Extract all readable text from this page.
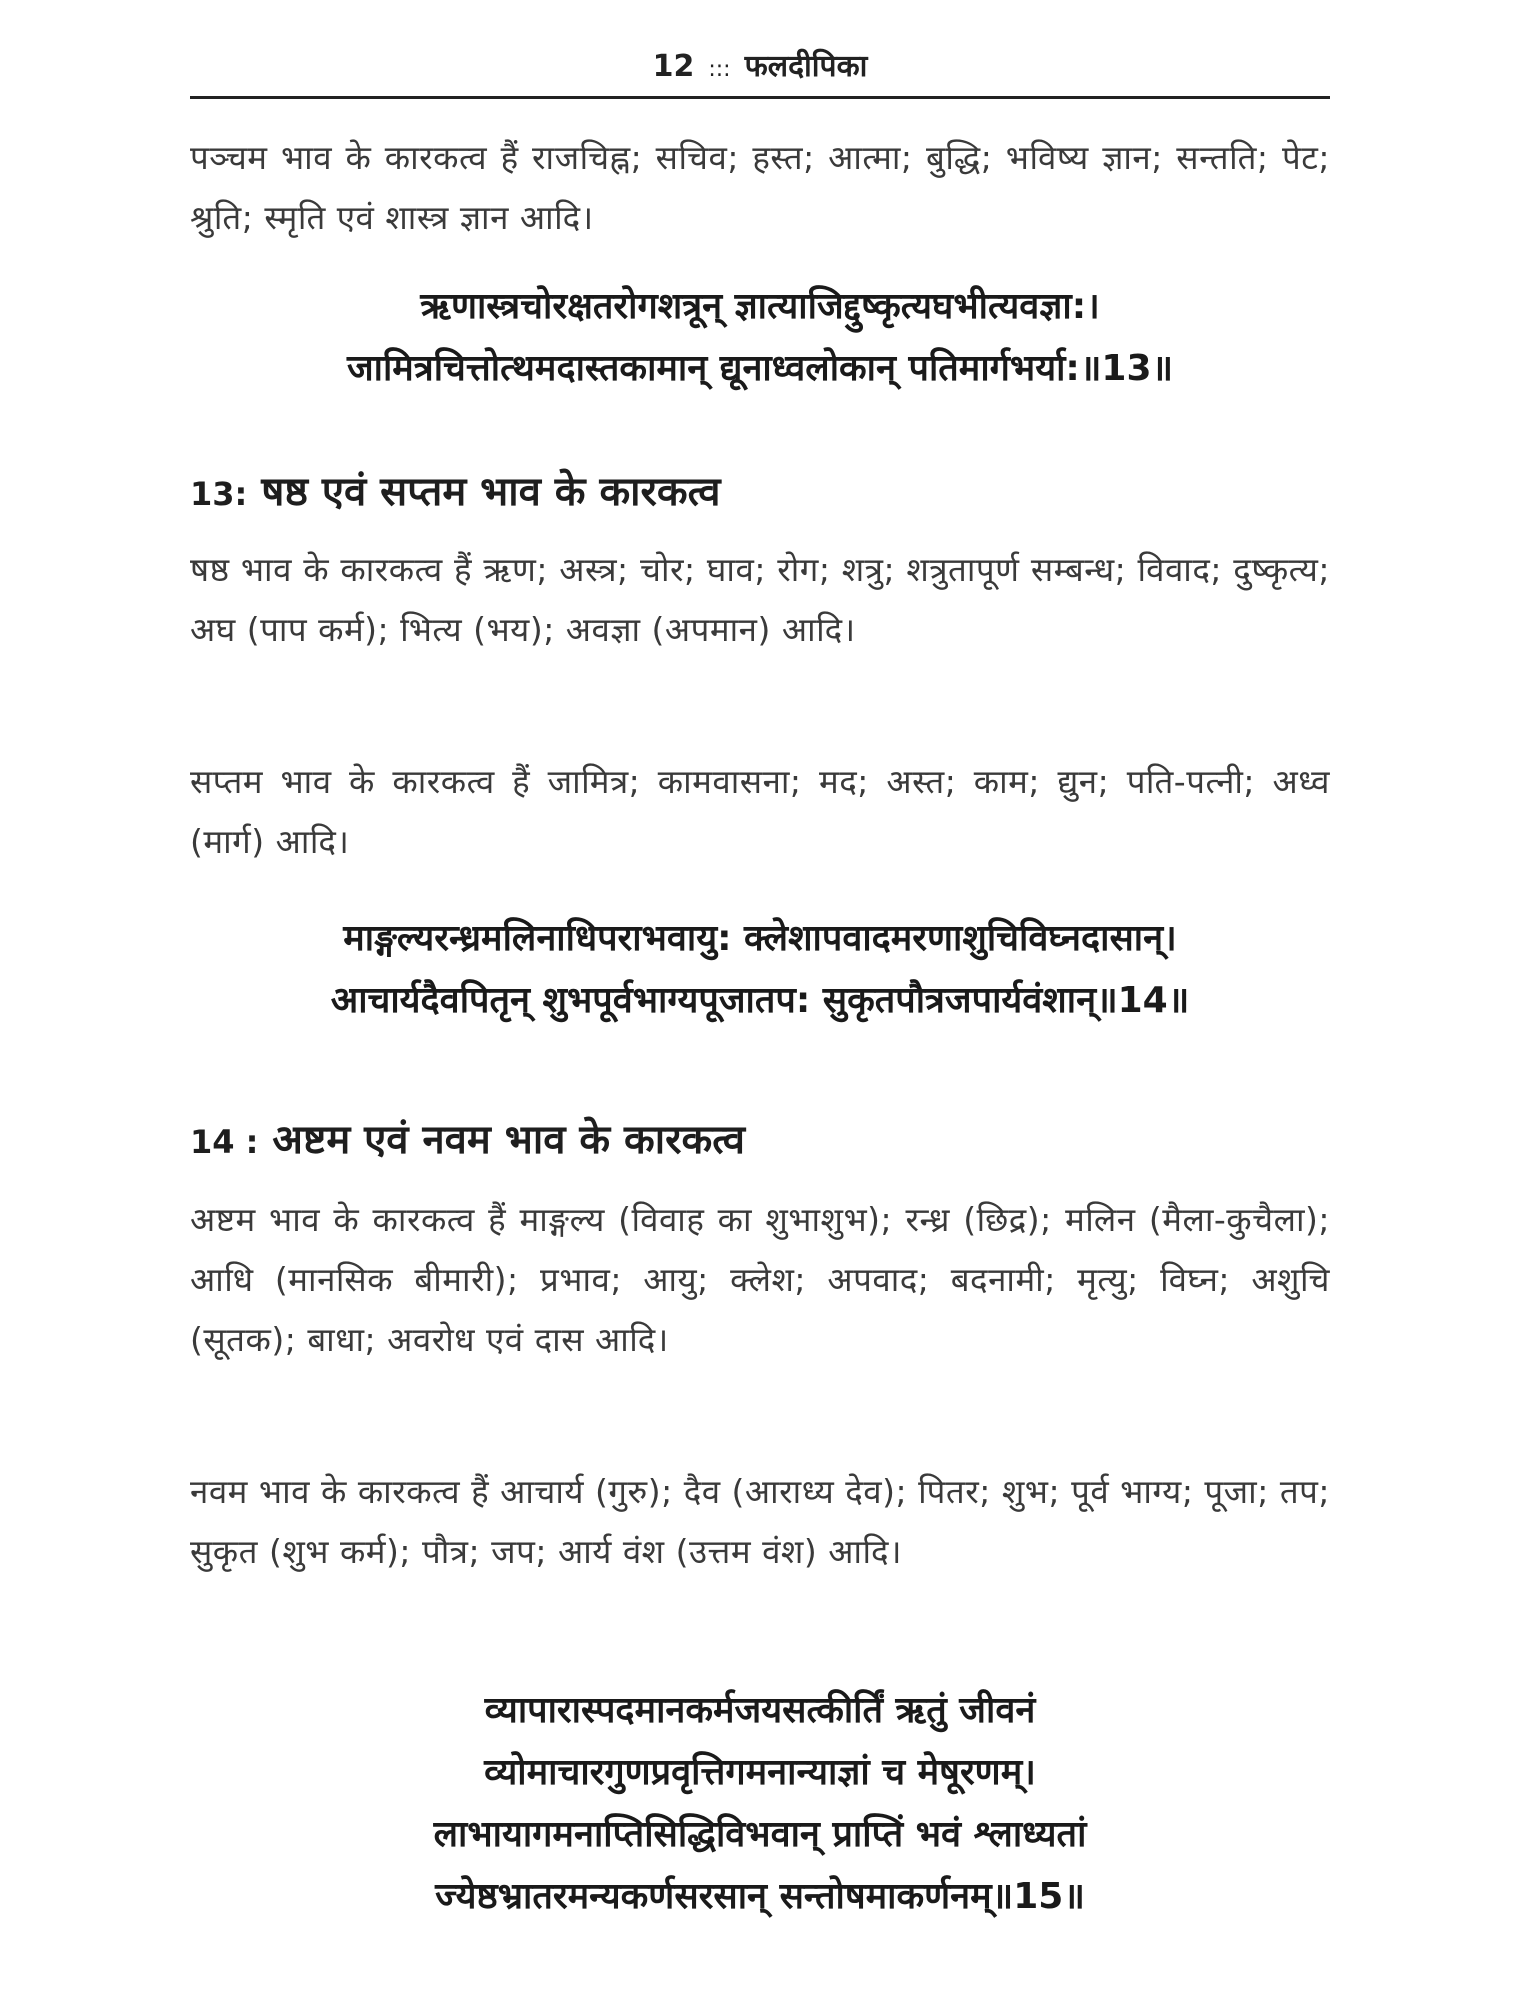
12 ::: फलदीपिका
पञ्चम भाव के कारकत्व हैं राजचिह्न; सचिव; हस्त; आत्मा; बुद्धि; भविष्य ज्ञान; सन्तति; पेट; श्रुति; स्मृति एवं शास्त्र ज्ञान आदि।
ऋणास्त्रचोरक्षतरोगशत्रून् ज्ञात्याजिद्दुष्कृत्यघभीत्यवज्ञा:।
जामित्रचित्तोत्थमदास्तकामान् द्यूनाध्वलोकान् पतिमार्गभर्या:॥13॥
13: षष्ठ एवं सप्तम भाव के कारकत्व
षष्ठ भाव के कारकत्व हैं ऋण; अस्त्र; चोर; घाव; रोग; शत्रु; शत्रुतापूर्ण सम्बन्ध; विवाद; दुष्कृत्य; अघ (पाप कर्म); भित्य (भय); अवज्ञा (अपमान) आदि।
सप्तम भाव के कारकत्व हैं जामित्र; कामवासना; मद; अस्त; काम; द्युन; पति-पत्नी; अध्व (मार्ग) आदि।
माङ्गल्यरन्ध्रमलिनाधिपराभवायु: क्लेशापवादमरणाशुचिविघ्नदासान्।
आचार्यदैवपितृन् शुभपूर्वभाग्यपूजातप: सुकृतपौत्रजपार्यवंशान्॥14॥
14 : अष्टम एवं नवम भाव के कारकत्व
अष्टम भाव के कारकत्व हैं माङ्गल्य (विवाह का शुभाशुभ); रन्ध्र (छिद्र); मलिन (मैला-कुचैला); आधि (मानसिक बीमारी); प्रभाव; आयु; क्लेश; अपवाद; बदनामी; मृत्यु; विघ्न; अशुचि (सूतक); बाधा; अवरोध एवं दास आदि।
नवम भाव के कारकत्व हैं आचार्य (गुरु); दैव (आराध्य देव); पितर; शुभ; पूर्व भाग्य; पूजा; तप; सुकृत (शुभ कर्म); पौत्र; जप; आर्य वंश (उत्तम वंश) आदि।
व्यापारास्पदमानकर्मजयसत्कीर्तिं ऋतुं जीवनं
व्योमाचारगुणप्रवृत्तिगमनान्याज्ञां च मेषूरणम्।
लाभायागमनाप्तिसिद्धिविभवान् प्राप्तिं भवं श्लाध्यतां
ज्येष्ठभ्रातरमन्यकर्णसरसान् सन्तोषमाकर्णनम्॥15॥
